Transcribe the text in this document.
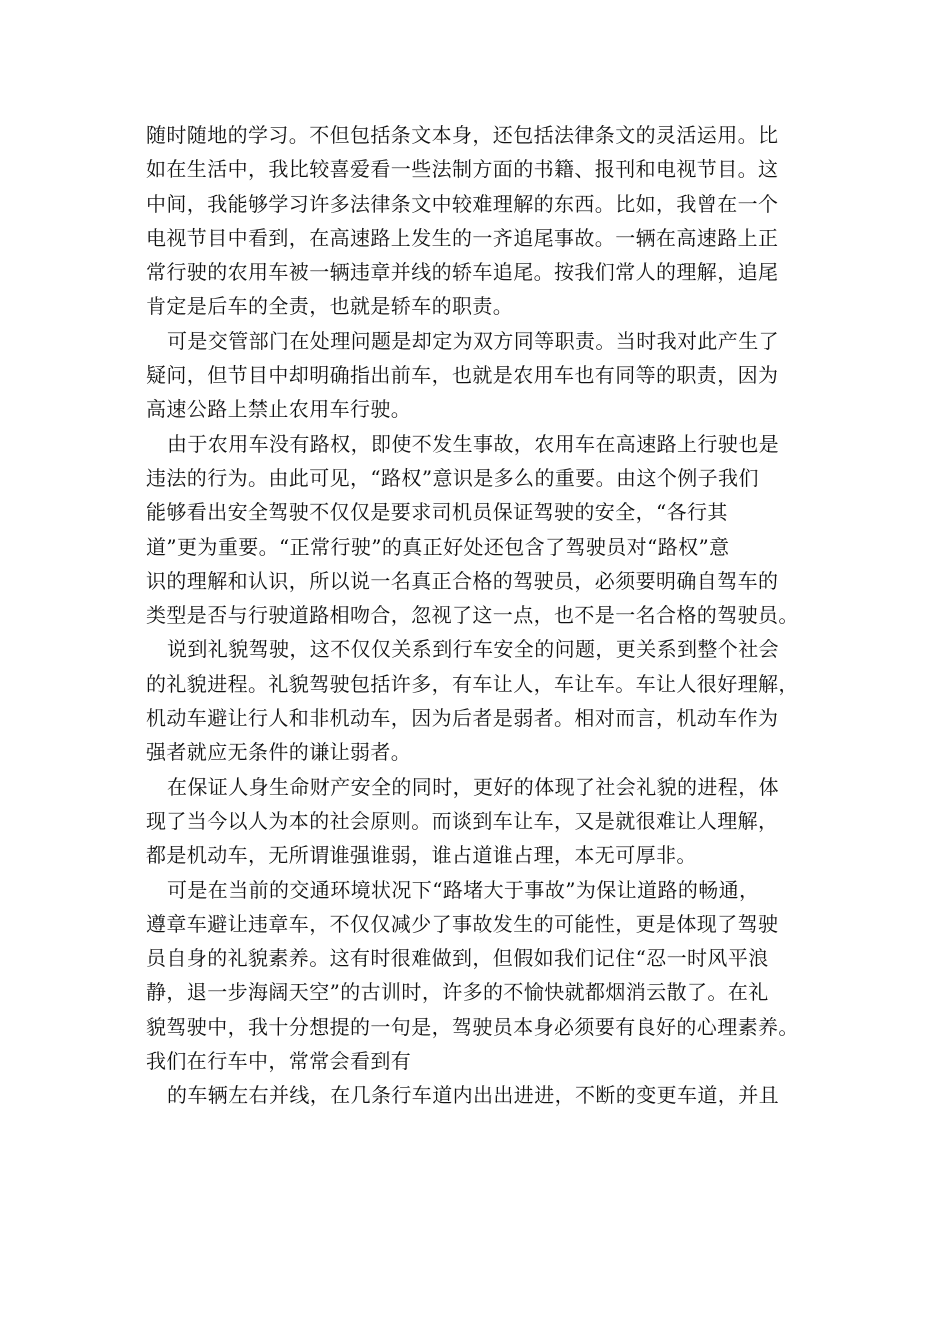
随时随地的学习。不但包括条文本身，还包括法律条文的灵活运用。比
如在生活中，我比较喜爱看一些法制方面的书籍、报刊和电视节目。这
中间，我能够学习许多法律条文中较难理解的东西。比如，我曾在一个
电视节目中看到，在高速路上发生的一齐追尾事故。一辆在高速路上正
常行驶的农用车被一辆违章并线的轿车追尾。按我们常人的理解，追尾
肯定是后车的全责，也就是轿车的职责。
可是交管部门在处理问题是却定为双方同等职责。当时我对此产生了
疑问，但节目中却明确指出前车，也就是农用车也有同等的职责，因为
高速公路上禁止农用车行驶。
由于农用车没有路权，即使不发生事故，农用车在高速路上行驶也是
违法的行为。由此可见，“路权”意识是多么的重要。由这个例子我们
能够看出安全驾驶不仅仅是要求司机员保证驾驶的安全，“各行其
道”更为重要。“正常行驶”的真正好处还包含了驾驶员对“路权”意
识的理解和认识，所以说一名真正合格的驾驶员，必须要明确自驾车的
类型是否与行驶道路相吻合，忽视了这一点，也不是一名合格的驾驶员。
说到礼貌驾驶，这不仅仅关系到行车安全的问题，更关系到整个社会
的礼貌进程。礼貌驾驶包括许多，有车让人，车让车。车让人很好理解，
机动车避让行人和非机动车，因为后者是弱者。相对而言，机动车作为
强者就应无条件的谦让弱者。
在保证人身生命财产安全的同时，更好的体现了社会礼貌的进程，体
现了当今以人为本的社会原则。而谈到车让车，又是就很难让人理解，
都是机动车，无所谓谁强谁弱，谁占道谁占理，本无可厚非。
可是在当前的交通环境状况下“路堵大于事故”为保让道路的畅通，
遵章车避让违章车，不仅仅减少了事故发生的可能性，更是体现了驾驶
员自身的礼貌素养。这有时很难做到，但假如我们记住“忍一时风平浪
静，退一步海阔天空”的古训时，许多的不愉快就都烟消云散了。在礼
貌驾驶中，我十分想提的一句是，驾驶员本身必须要有良好的心理素养。
我们在行车中，常常会看到有
的车辆左右并线，在几条行车道内出出进进，不断的变更车道，并且
